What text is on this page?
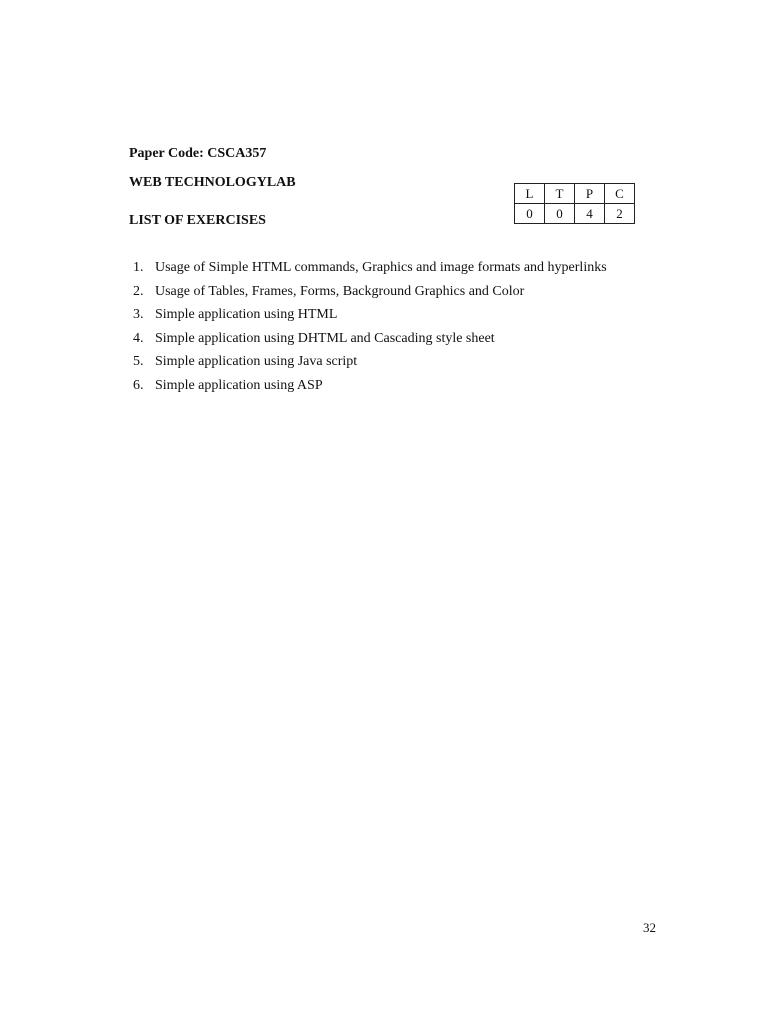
Paper Code: CSCA357

WEB TECHNOLOGYLAB

LIST OF EXERCISES

L	T	P	C
0	0	4	2
1. Usage of Simple HTML commands, Graphics and image formats and hyperlinks
2. Usage of Tables, Frames, Forms, Background Graphics and Color
3. Simple application using HTML
4. Simple application using DHTML and Cascading style sheet
5. Simple application using Java script
6. Simple application using ASP
32
